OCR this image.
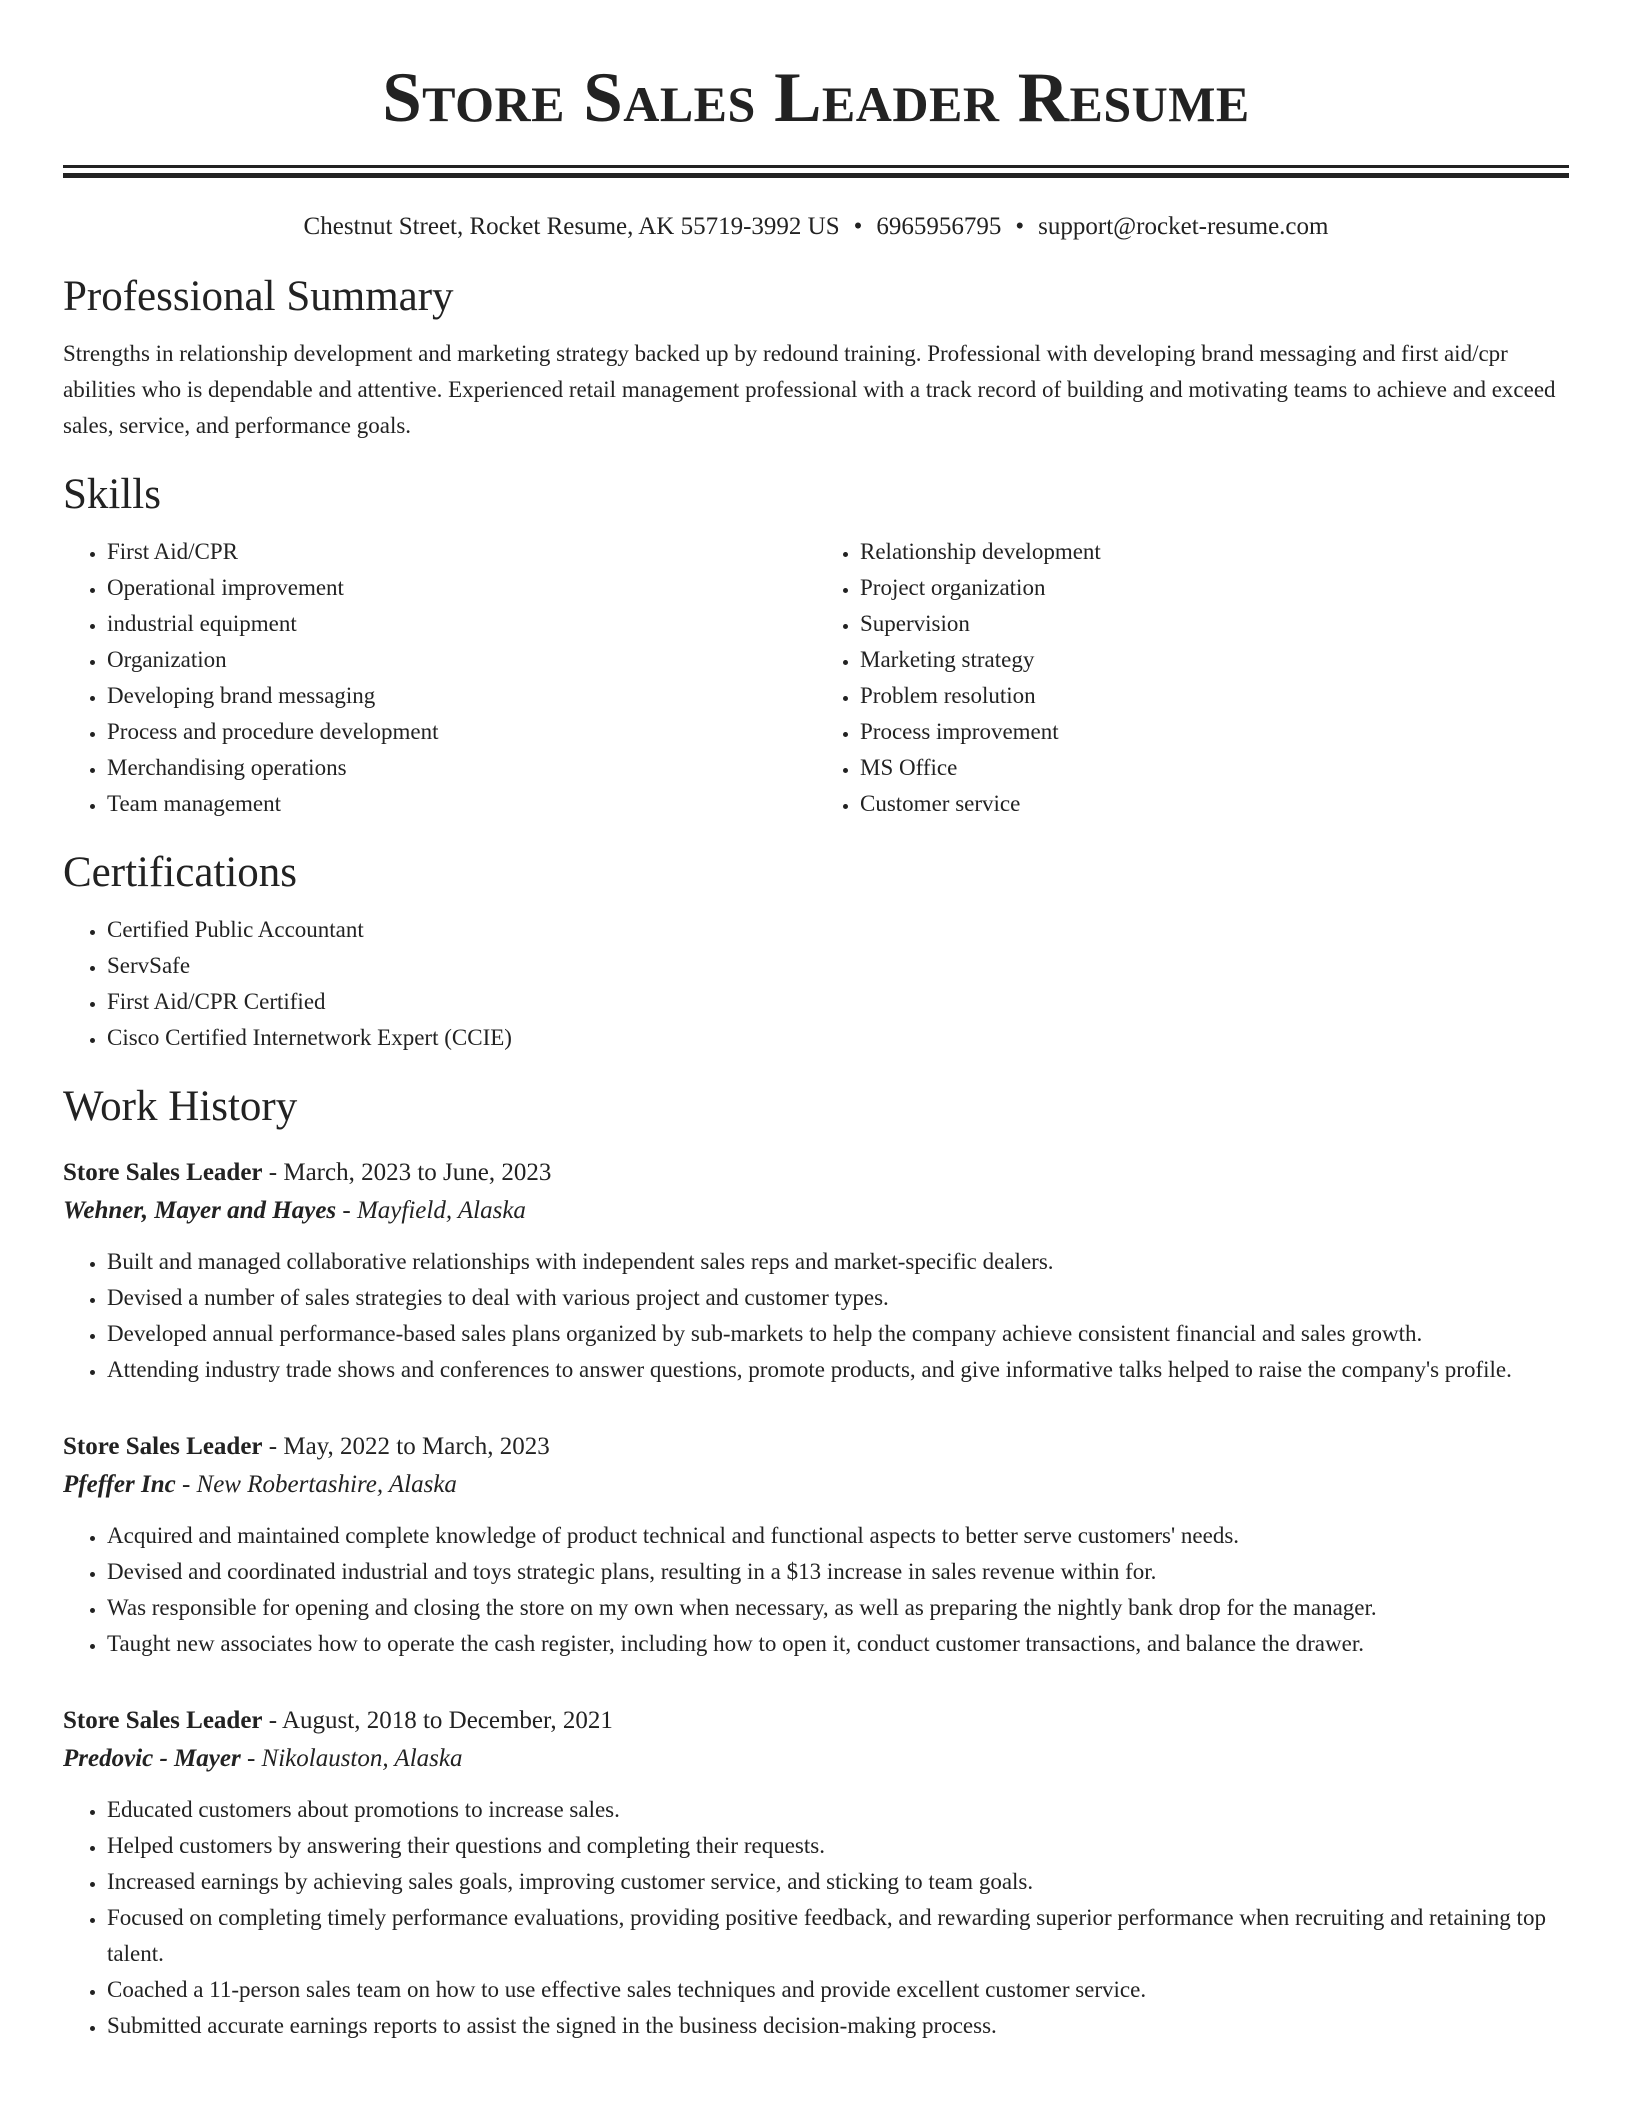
Store Sales Leader Resume
Chestnut Street, Rocket Resume, AK 55719-3992 US • 6965956795 • support@rocket-resume.com
Professional Summary

Strengths in relationship development and marketing strategy backed up by redound training. Professional with developing brand messaging and first aid/cpr abilities who is dependable and attentive. Experienced retail management professional with a track record of building and motivating teams to achieve and exceed sales, service, and performance goals.

Skills
• First Aid/CPR
• Operational improvement
• industrial equipment
• Organization
• Developing brand messaging
• Process and procedure development
• Merchandising operations
• Team management
• Relationship development
• Project organization
• Supervision
• Marketing strategy
• Problem resolution
• Process improvement
• MS Office
• Customer service
Certifications
• Certified Public Accountant
• ServSafe
• First Aid/CPR Certified
• Cisco Certified Internetwork Expert (CCIE)
Work History
Store Sales Leader - March, 2023 to June, 2023
Wehner, Mayer and Hayes - Mayfield, Alaska
• Built and managed collaborative relationships with independent sales reps and market-specific dealers.
• Devised a number of sales strategies to deal with various project and customer types.
• Developed annual performance-based sales plans organized by sub-markets to help the company achieve consistent financial and sales growth.
• Attending industry trade shows and conferences to answer questions, promote products, and give informative talks helped to raise the company's profile.
Store Sales Leader - May, 2022 to March, 2023
Pfeffer Inc - New Robertashire, Alaska
• Acquired and maintained complete knowledge of product technical and functional aspects to better serve customers' needs.
• Devised and coordinated industrial and toys strategic plans, resulting in a $13 increase in sales revenue within for.
• Was responsible for opening and closing the store on my own when necessary, as well as preparing the nightly bank drop for the manager.
• Taught new associates how to operate the cash register, including how to open it, conduct customer transactions, and balance the drawer.
Store Sales Leader - August, 2018 to December, 2021
Predovic - Mayer - Nikolauston, Alaska
• Educated customers about promotions to increase sales.
• Helped customers by answering their questions and completing their requests.
• Increased earnings by achieving sales goals, improving customer service, and sticking to team goals.
• Focused on completing timely performance evaluations, providing positive feedback, and rewarding superior performance when recruiting and retaining top talent.
• Coached a 11-person sales team on how to use effective sales techniques and provide excellent customer service.
• Submitted accurate earnings reports to assist the signed in the business decision-making process.
